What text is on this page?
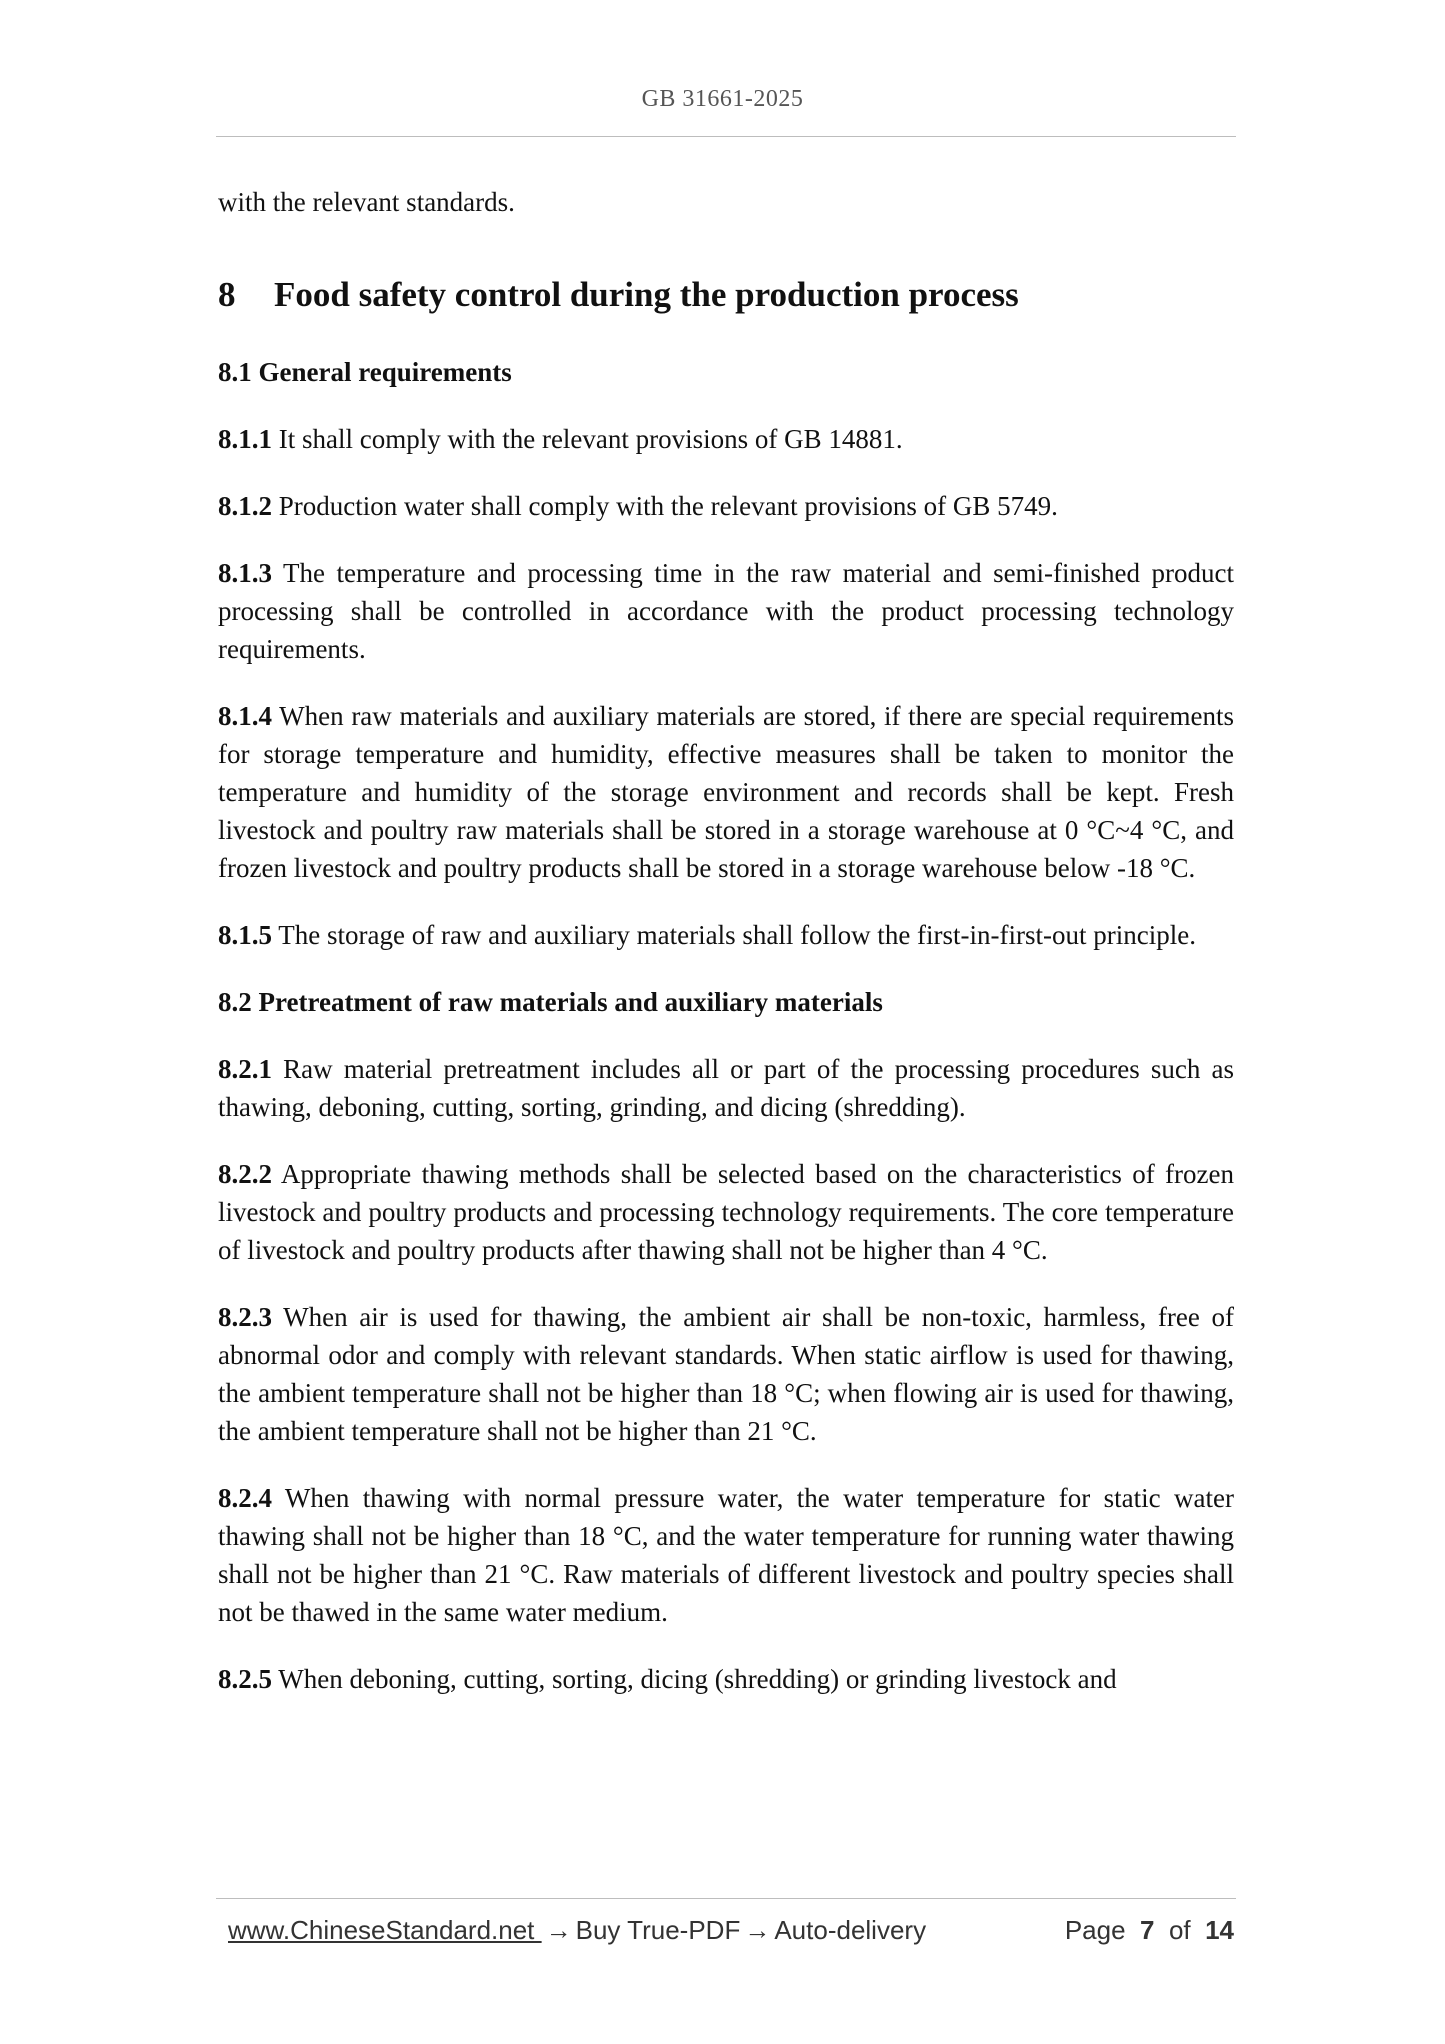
GB 31661-2025

with the relevant standards.

8 Food safety control during the production process
8.1 General requirements

8.1.1 It shall comply with the relevant provisions of GB 14881.

8.1.2 Production water shall comply with the relevant provisions of GB 5749.

8.1.3 The temperature and processing time in the raw material and semi-finished product processing shall be controlled in accordance with the product processing technology requirements.

8.1.4 When raw materials and auxiliary materials are stored, if there are special requirements for storage temperature and humidity, effective measures shall be taken to monitor the temperature and humidity of the storage environment and records shall be kept. Fresh livestock and poultry raw materials shall be stored in a storage warehouse at 0 °C~4 °C, and frozen livestock and poultry products shall be stored in a storage warehouse below -18 °C.

8.1.5 The storage of raw and auxiliary materials shall follow the first-in-first-out principle.

8.2 Pretreatment of raw materials and auxiliary materials

8.2.1 Raw material pretreatment includes all or part of the processing procedures such as thawing, deboning, cutting, sorting, grinding, and dicing (shredding).

8.2.2 Appropriate thawing methods shall be selected based on the characteristics of frozen livestock and poultry products and processing technology requirements. The core temperature of livestock and poultry products after thawing shall not be higher than 4 °C.

8.2.3 When air is used for thawing, the ambient air shall be non-toxic, harmless, free of abnormal odor and comply with relevant standards. When static airflow is used for thawing, the ambient temperature shall not be higher than 18 °C; when flowing air is used for thawing, the ambient temperature shall not be higher than 21 °C.

8.2.4 When thawing with normal pressure water, the water temperature for static water thawing shall not be higher than 18 °C, and the water temperature for running water thawing shall not be higher than 21 °C. Raw materials of different livestock and poultry species shall not be thawed in the same water medium.

8.2.5 When deboning, cutting, sorting, dicing (shredding) or grinding livestock and

www.ChineseStandard.net → Buy True-PDF → Auto-delivery	Page 7 of 14
